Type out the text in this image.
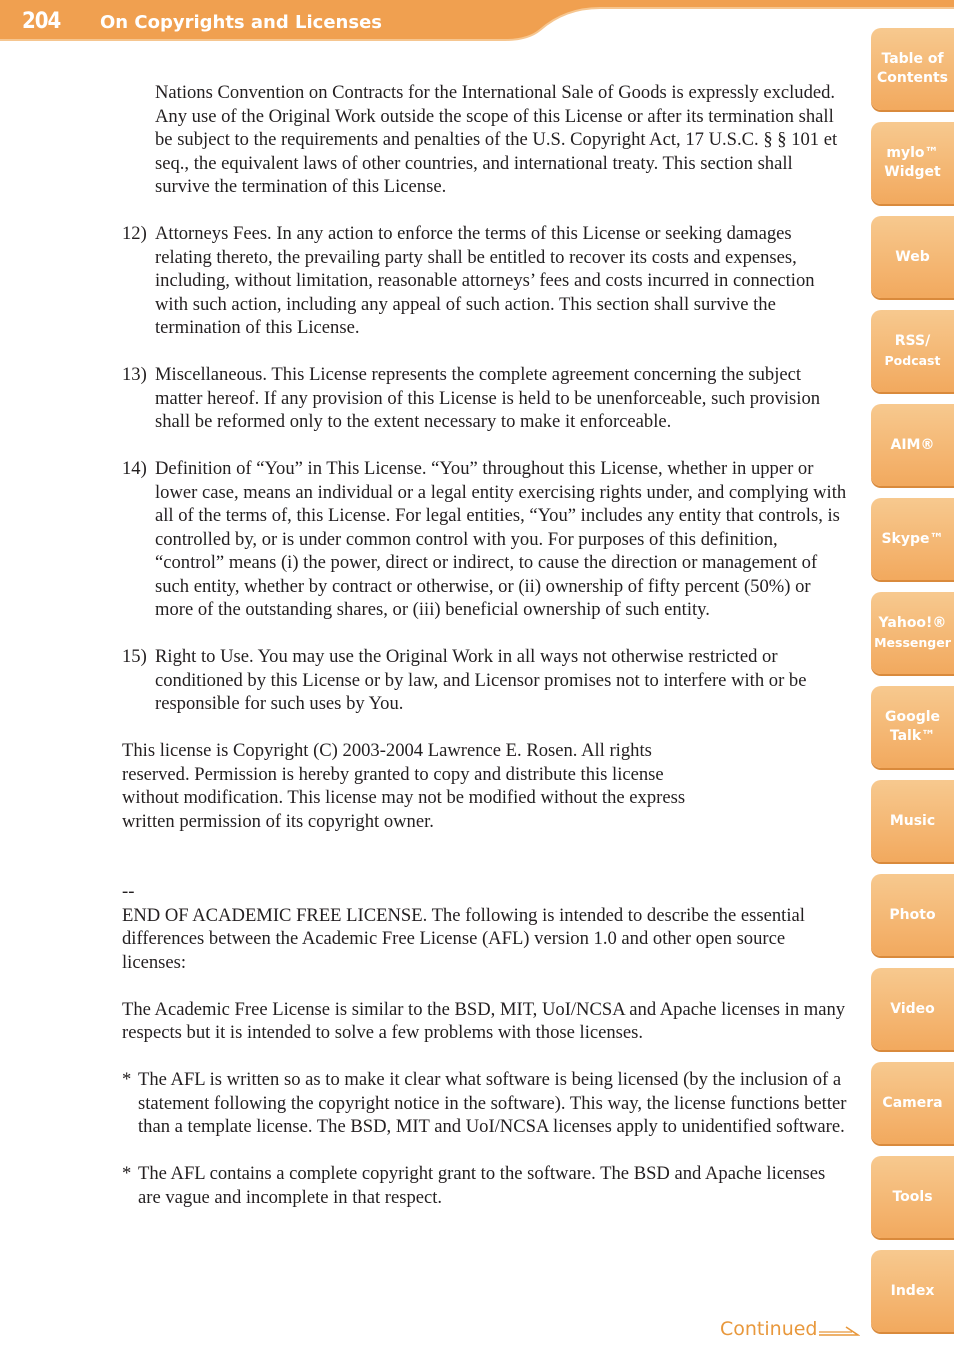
204 On Copyrights and Licenses

Nations Convention on Contracts for the International Sale of Goods is expressly excluded. Any use of the Original Work outside the scope of this License or after its termination shall be subject to the requirements and penalties of the U.S. Copyright Act, 17 U.S.C. § § 101 et seq., the equivalent laws of other countries, and international treaty. This section shall survive the termination of this License.

12) Attorneys Fees. In any action to enforce the terms of this License or seeking damages relating thereto, the prevailing party shall be entitled to recover its costs and expenses, including, without limitation, reasonable attorneys’ fees and costs incurred in connection with such action, including any appeal of such action. This section shall survive the termination of this License.

13) Miscellaneous. This License represents the complete agreement concerning the subject matter hereof. If any provision of this License is held to be unenforceable, such provision shall be reformed only to the extent necessary to make it enforceable.

14) Definition of “You” in This License. “You” throughout this License, whether in upper or lower case, means an individual or a legal entity exercising rights under, and complying with all of the terms of, this License. For legal entities, “You” includes any entity that controls, is controlled by, or is under common control with you. For purposes of this definition, “control” means (i) the power, direct or indirect, to cause the direction or management of such entity, whether by contract or otherwise, or (ii) ownership of fifty percent (50%) or more of the outstanding shares, or (iii) beneficial ownership of such entity.

15) Right to Use. You may use the Original Work in all ways not otherwise restricted or conditioned by this License or by law, and Licensor promises not to interfere with or be responsible for such uses by You.

This license is Copyright (C) 2003-2004 Lawrence E. Rosen. All rights reserved. Permission is hereby granted to copy and distribute this license without modification. This license may not be modified without the express written permission of its copyright owner.

--

END OF ACADEMIC FREE LICENSE. The following is intended to describe the essential differences between the Academic Free License (AFL) version 1.0 and other open source licenses:

The Academic Free License is similar to the BSD, MIT, UoI/NCSA and Apache licenses in many respects but it is intended to solve a few problems with those licenses.

* The AFL is written so as to make it clear what software is being licensed (by the inclusion of a statement following the copyright notice in the software). This way, the license functions better than a template license. The BSD, MIT and UoI/NCSA licenses apply to unidentified software.

* The AFL contains a complete copyright grant to the software. The BSD and Apache licenses are vague and incomplete in that respect.

Table of
Contents
mylo™
Widget
Web
RSS/
Podcast
AIM®
Skype™
Yahoo!®
Messenger
Google
Talk™
Music
Photo
Video
Camera
Tools
Index
Continued
